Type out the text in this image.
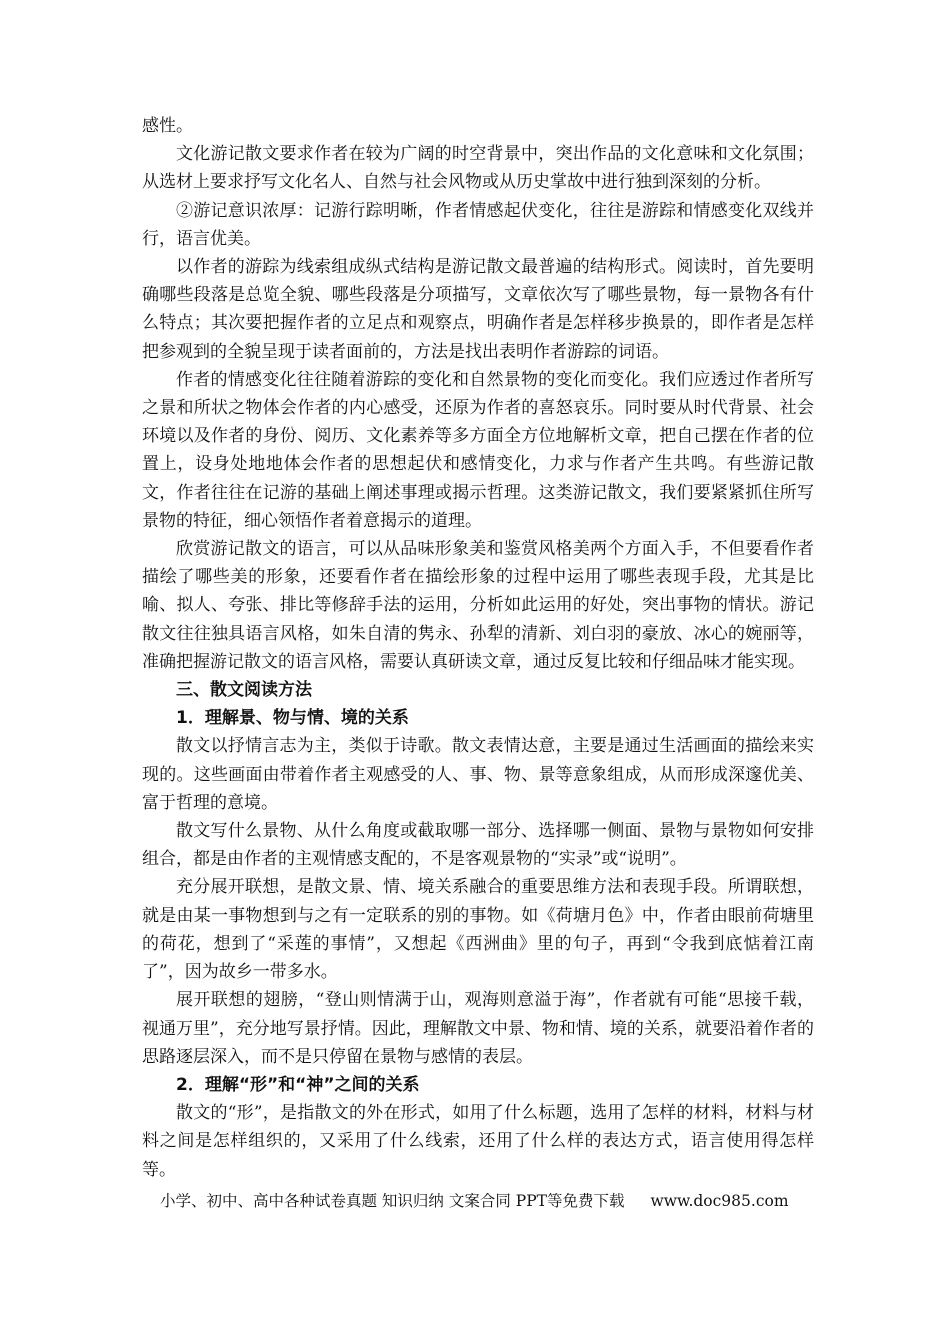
感性。

文化游记散文要求作者在较为广阔的时空背景中，突出作品的文化意味和文化氛围；从选材上要求抒写文化名人、自然与社会风物或从历史掌故中进行独到深刻的分析。

②游记意识浓厚：记游行踪明晰，作者情感起伏变化，往往是游踪和情感变化双线并行，语言优美。

以作者的游踪为线索组成纵式结构是游记散文最普遍的结构形式。阅读时，首先要明确哪些段落是总览全貌、哪些段落是分项描写，文章依次写了哪些景物，每一景物各有什么特点；其次要把握作者的立足点和观察点，明确作者是怎样移步换景的，即作者是怎样把参观到的全貌呈现于读者面前的，方法是找出表明作者游踪的词语。

作者的情感变化往往随着游踪的变化和自然景物的变化而变化。我们应透过作者所写之景和所状之物体会作者的内心感受，还原为作者的喜怒哀乐。同时要从时代背景、社会环境以及作者的身份、阅历、文化素养等多方面全方位地解析文章，把自己摆在作者的位置上，设身处地地体会作者的思想起伏和感情变化，力求与作者产生共鸣。有些游记散文，作者往往在记游的基础上阐述事理或揭示哲理。这类游记散文，我们要紧紧抓住所写景物的特征，细心领悟作者着意揭示的道理。

欣赏游记散文的语言，可以从品味形象美和鉴赏风格美两个方面入手，不但要看作者描绘了哪些美的形象，还要看作者在描绘形象的过程中运用了哪些表现手段，尤其是比喻、拟人、夸张、排比等修辞手法的运用，分析如此运用的好处，突出事物的情状。游记散文往往独具语言风格，如朱自清的隽永、孙犁的清新、刘白羽的豪放、冰心的婉丽等，准确把握游记散文的语言风格，需要认真研读文章，通过反复比较和仔细品味才能实现。

三、散文阅读方法

1．理解景、物与情、境的关系

散文以抒情言志为主，类似于诗歌。散文表情达意，主要是通过生活画面的描绘来实现的。这些画面由带着作者主观感受的人、事、物、景等意象组成，从而形成深邃优美、富于哲理的意境。

散文写什么景物、从什么角度或截取哪一部分、选择哪一侧面、景物与景物如何安排组合，都是由作者的主观情感支配的，不是客观景物的“实录”或“说明”。

充分展开联想，是散文景、情、境关系融合的重要思维方法和表现手段。所谓联想，就是由某一事物想到与之有一定联系的别的事物。如《荷塘月色》中，作者由眼前荷塘里的荷花，想到了“采莲的事情”，又想起《西洲曲》里的句子，再到“令我到底惦着江南了”，因为故乡一带多水。

展开联想的翅膀，“登山则情满于山，观海则意溢于海”，作者就有可能“思接千载，视通万里”，充分地写景抒情。因此，理解散文中景、物和情、境的关系，就要沿着作者的思路逐层深入，而不是只停留在景物与感情的表层。

2．理解“形”和“神”之间的关系

散文的“形”，是指散文的外在形式，如用了什么标题，选用了怎样的材料，材料与材料之间是怎样组织的，又采用了什么线索，还用了什么样的表达方式，语言使用得怎样等。

小学、初中、高中各种试卷真题 知识归纳 文案合同 PPT等免费下载 www.doc985.com
